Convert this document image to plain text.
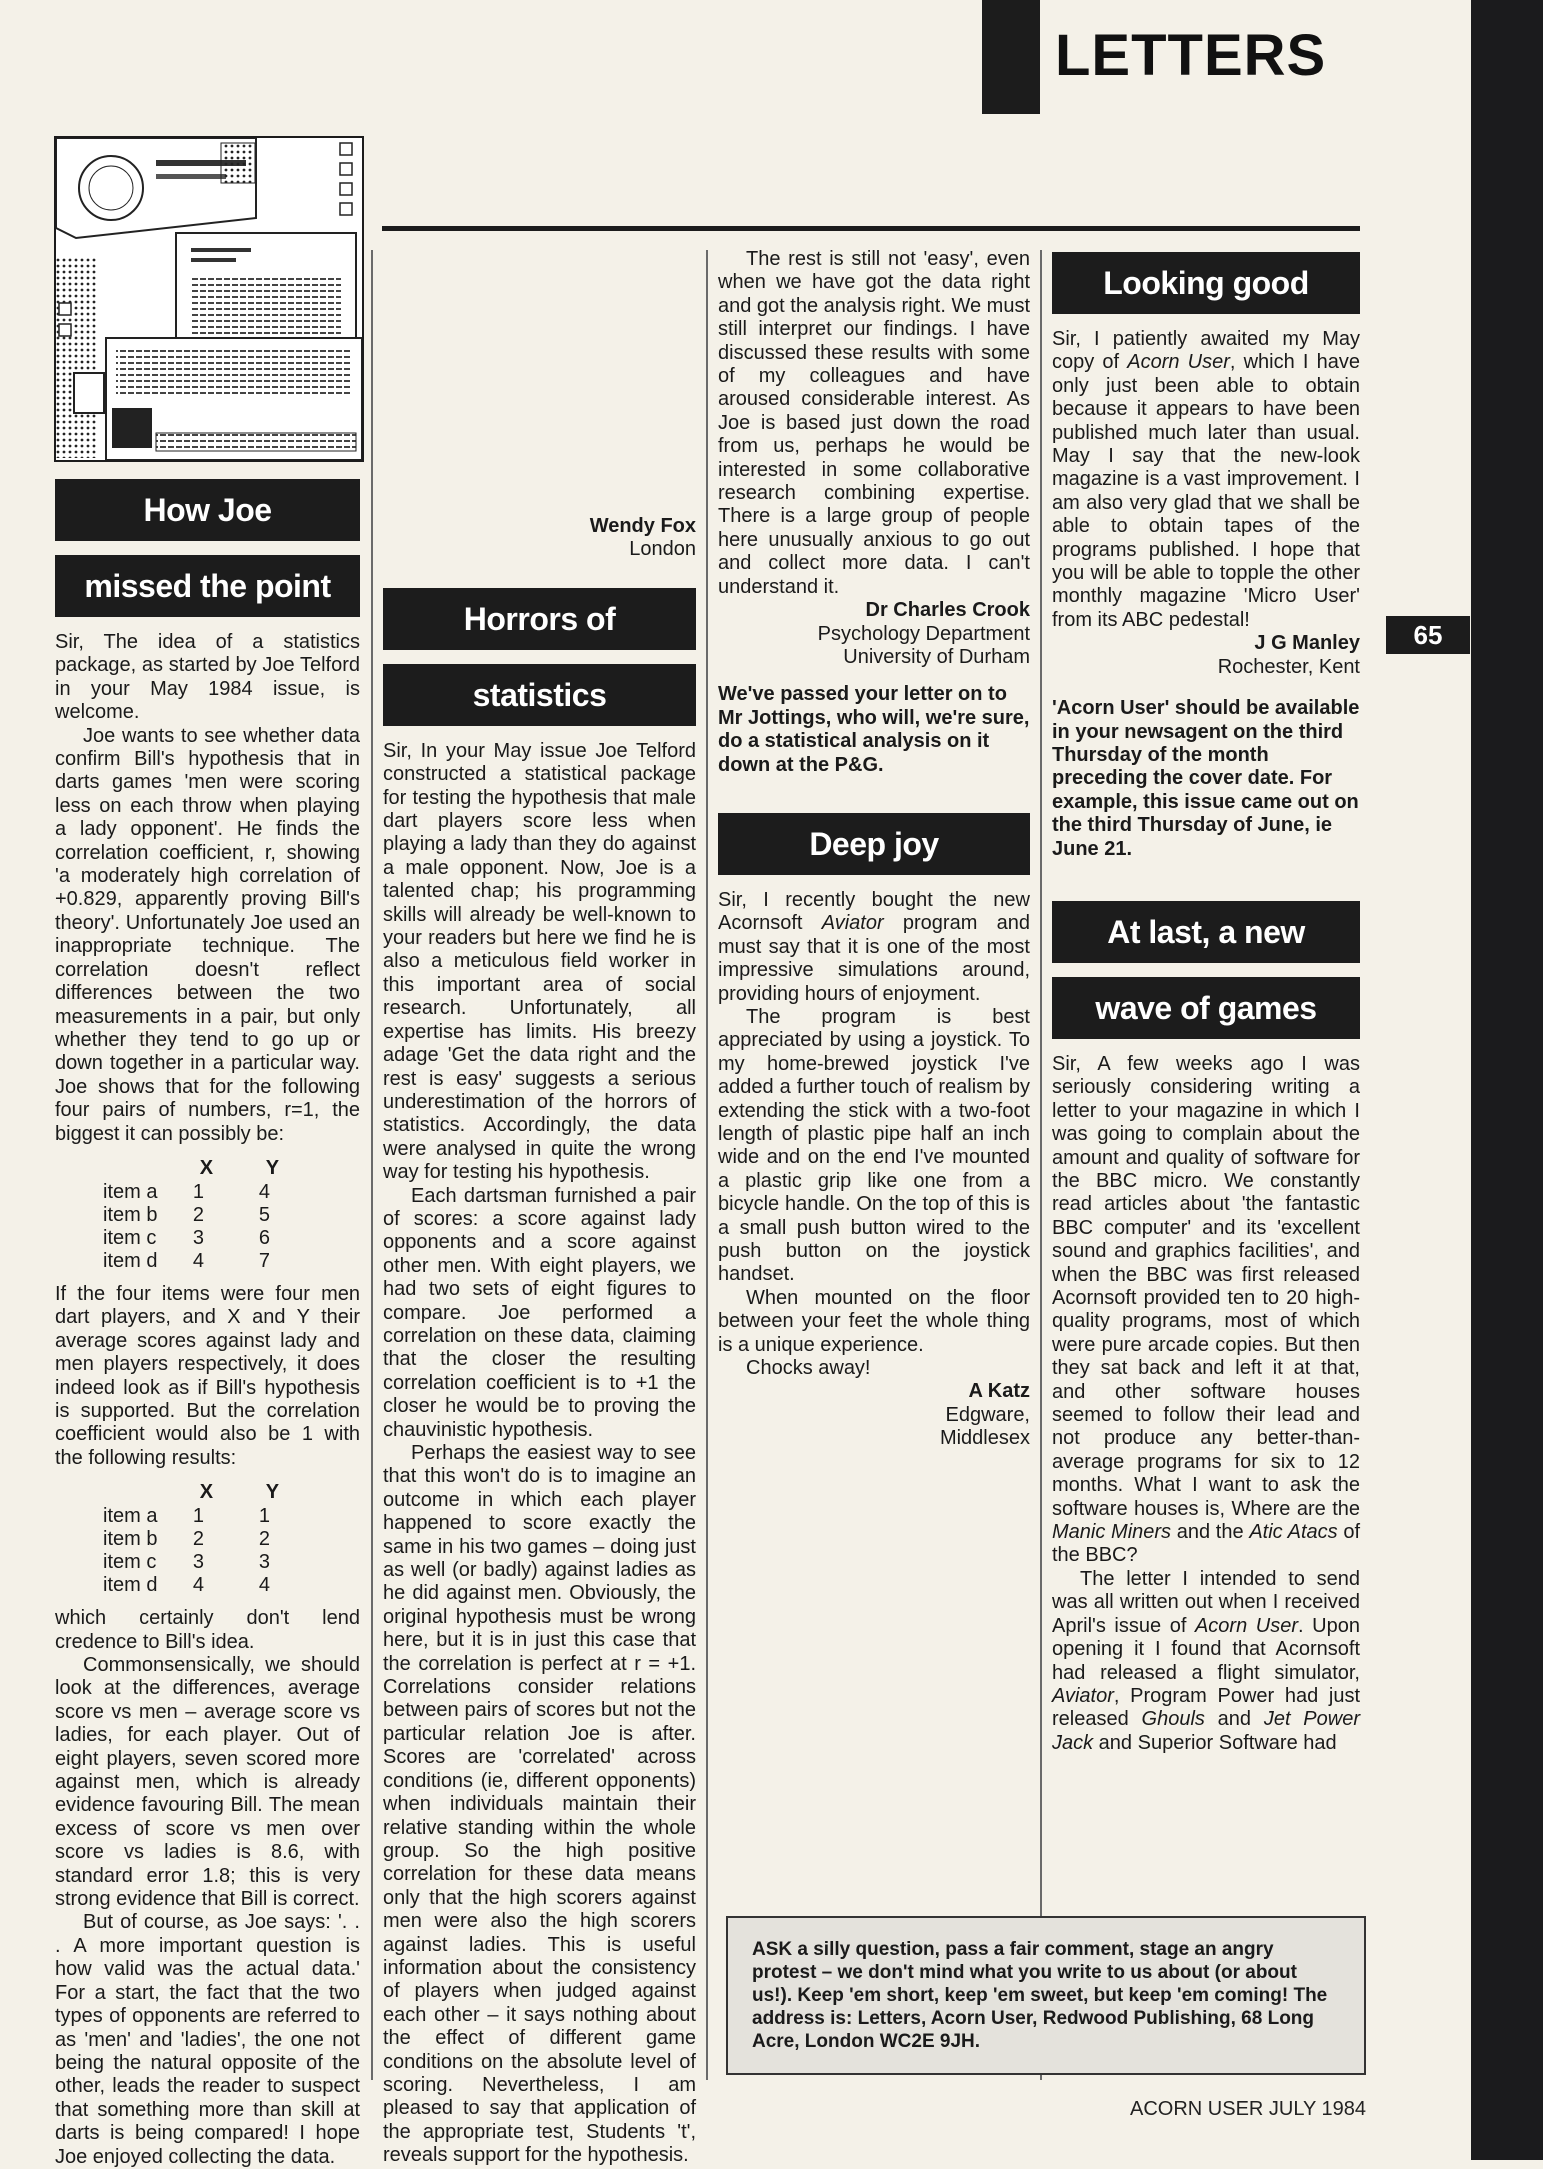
LETTERS
65
How Joe
missed the point

Sir, The idea of a statistics package, as started by Joe Telford in your May 1984 issue, is welcome.

Joe wants to see whether data confirm Bill's hypothesis that in darts games 'men were scoring less on each throw when playing a lady opponent'. He finds the correlation coefficient, r, showing 'a moderately high correlation of +0.829, apparently proving Bill's theory'. Unfortunately Joe used an inappropriate technique. The correlation doesn't reflect differences between the two measurements in a pair, but only whether they tend to go up or down together in a particular way. Joe shows that for the following four pairs of numbers, r=1, the biggest it can possibly be:

	X	Y
item a	1	4
item b	2	5
item c	3	6
item d	4	7

If the four items were four men dart players, and X and Y their average scores against lady and men players respectively, it does indeed look as if Bill's hypothesis is supported. But the correlation coefficient would also be 1 with the following results:

	X	Y
item a	1	1
item b	2	2
item c	3	3
item d	4	4

which certainly don't lend credence to Bill's idea.

Commonsensically, we should look at the differences, average score vs men – average score vs ladies, for each player. Out of eight players, seven scored more against men, which is already evidence favouring Bill. The mean excess of score vs men over score vs ladies is 8.6, with standard error 1.8; this is very strong evidence that Bill is correct.

But of course, as Joe says: '. . . A more important question is how valid was the actual data.' For a start, the fact that the two types of opponents are referred to as 'men' and 'ladies', the one not being the natural opposite of the other, leads the reader to suspect that something more than skill at darts is being compared! I hope Joe enjoyed collecting the data.

Wendy Fox

London

Horrors of
statistics

Sir, In your May issue Joe Telford constructed a statistical package for testing the hypothesis that male dart players score less when playing a lady than they do against a male opponent. Now, Joe is a talented chap; his programming skills will already be well-known to your readers but here we find he is also a meticulous field worker in this important area of social research. Unfortunately, all expertise has limits. His breezy adage 'Get the data right and the rest is easy' suggests a serious underestimation of the horrors of statistics. Accordingly, the data were analysed in quite the wrong way for testing his hypothesis.

Each dartsman furnished a pair of scores: a score against lady opponents and a score against other men. With eight players, we had two sets of eight figures to compare. Joe performed a correlation on these data, claiming that the closer the resulting correlation coefficient is to +1 the closer he would be to proving the chauvinistic hypothesis.

Perhaps the easiest way to see that this won't do is to imagine an outcome in which each player happened to score exactly the same in his two games – doing just as well (or badly) against ladies as he did against men. Obviously, the original hypothesis must be wrong here, but it is in just this case that the correlation is perfect at r = +1. Correlations consider relations between pairs of scores but not the particular relation Joe is after. Scores are 'correlated' across conditions (ie, different opponents) when individuals maintain their relative standing within the whole group. So the high positive correlation for these data means only that the high scorers against men were also the high scorers against ladies. This is useful information about the consistency of players when judged against each other – it says nothing about the effect of different game conditions on the absolute level of scoring. Nevertheless, I am pleased to say that application of the appropriate test, Students 't', reveals support for the hypothesis.

The rest is still not 'easy', even when we have got the data right and got the analysis right. We must still interpret our findings. I have discussed these results with some of my colleagues and have aroused considerable interest. As Joe is based just down the road from us, perhaps he would be interested in some collaborative research combining expertise. There is a large group of people here unusually anxious to go out and collect more data. I can't understand it.

Dr Charles Crook

Psychology Department

University of Durham

We've passed your letter on to Mr Jottings, who will, we're sure, do a statistical analysis on it down at the P&G.

Deep joy

Sir, I recently bought the new Acornsoft Aviator program and must say that it is one of the most impressive simulations around, providing hours of enjoyment.

The program is best appreciated by using a joystick. To my home-brewed joystick I've added a further touch of realism by extending the stick with a two-foot length of plastic pipe half an inch wide and on the end I've mounted a plastic grip like one from a bicycle handle. On the top of this is a small push button wired to the push button on the joystick handset.

When mounted on the floor between your feet the whole thing is a unique experience.

Chocks away!

A Katz

Edgware,

Middlesex

Looking good

Sir, I patiently awaited my May copy of Acorn User, which I have only just been able to obtain because it appears to have been published much later than usual. May I say that the new-look magazine is a vast improvement. I am also very glad that we shall be able to obtain tapes of the programs published. I hope that you will be able to topple the other monthly magazine 'Micro User' from its ABC pedestal!

J G Manley

Rochester, Kent

'Acorn User' should be available in your newsagent on the third Thursday of the month preceding the cover date. For example, this issue came out on the third Thursday of June, ie June 21.

At last, a new
wave of games

Sir, A few weeks ago I was seriously considering writing a letter to your magazine in which I was going to complain about the amount and quality of software for the BBC micro. We constantly read articles about 'the fantastic BBC computer' and its 'excellent sound and graphics facilities', and when the BBC was first released Acornsoft provided ten to 20 high-quality programs, most of which were pure arcade copies. But then they sat back and left it at that, and other software houses seemed to follow their lead and not produce any better-than-average programs for six to 12 months. What I want to ask the software houses is, Where are the Manic Miners and the Atic Atacs of the BBC?

The letter I intended to send was all written out when I received April's issue of Acorn User. Upon opening it I found that Acornsoft had released a flight simulator, Aviator, Program Power had just released Ghouls and Jet Power Jack and Superior Software had

ASK a silly question, pass a fair comment, stage an angry protest – we don't mind what you write to us about (or about us!). Keep 'em short, keep 'em sweet, but keep 'em coming! The address is: Letters, Acorn User, Redwood Publishing, 68 Long Acre, London WC2E 9JH.
ACORN USER JULY 1984
